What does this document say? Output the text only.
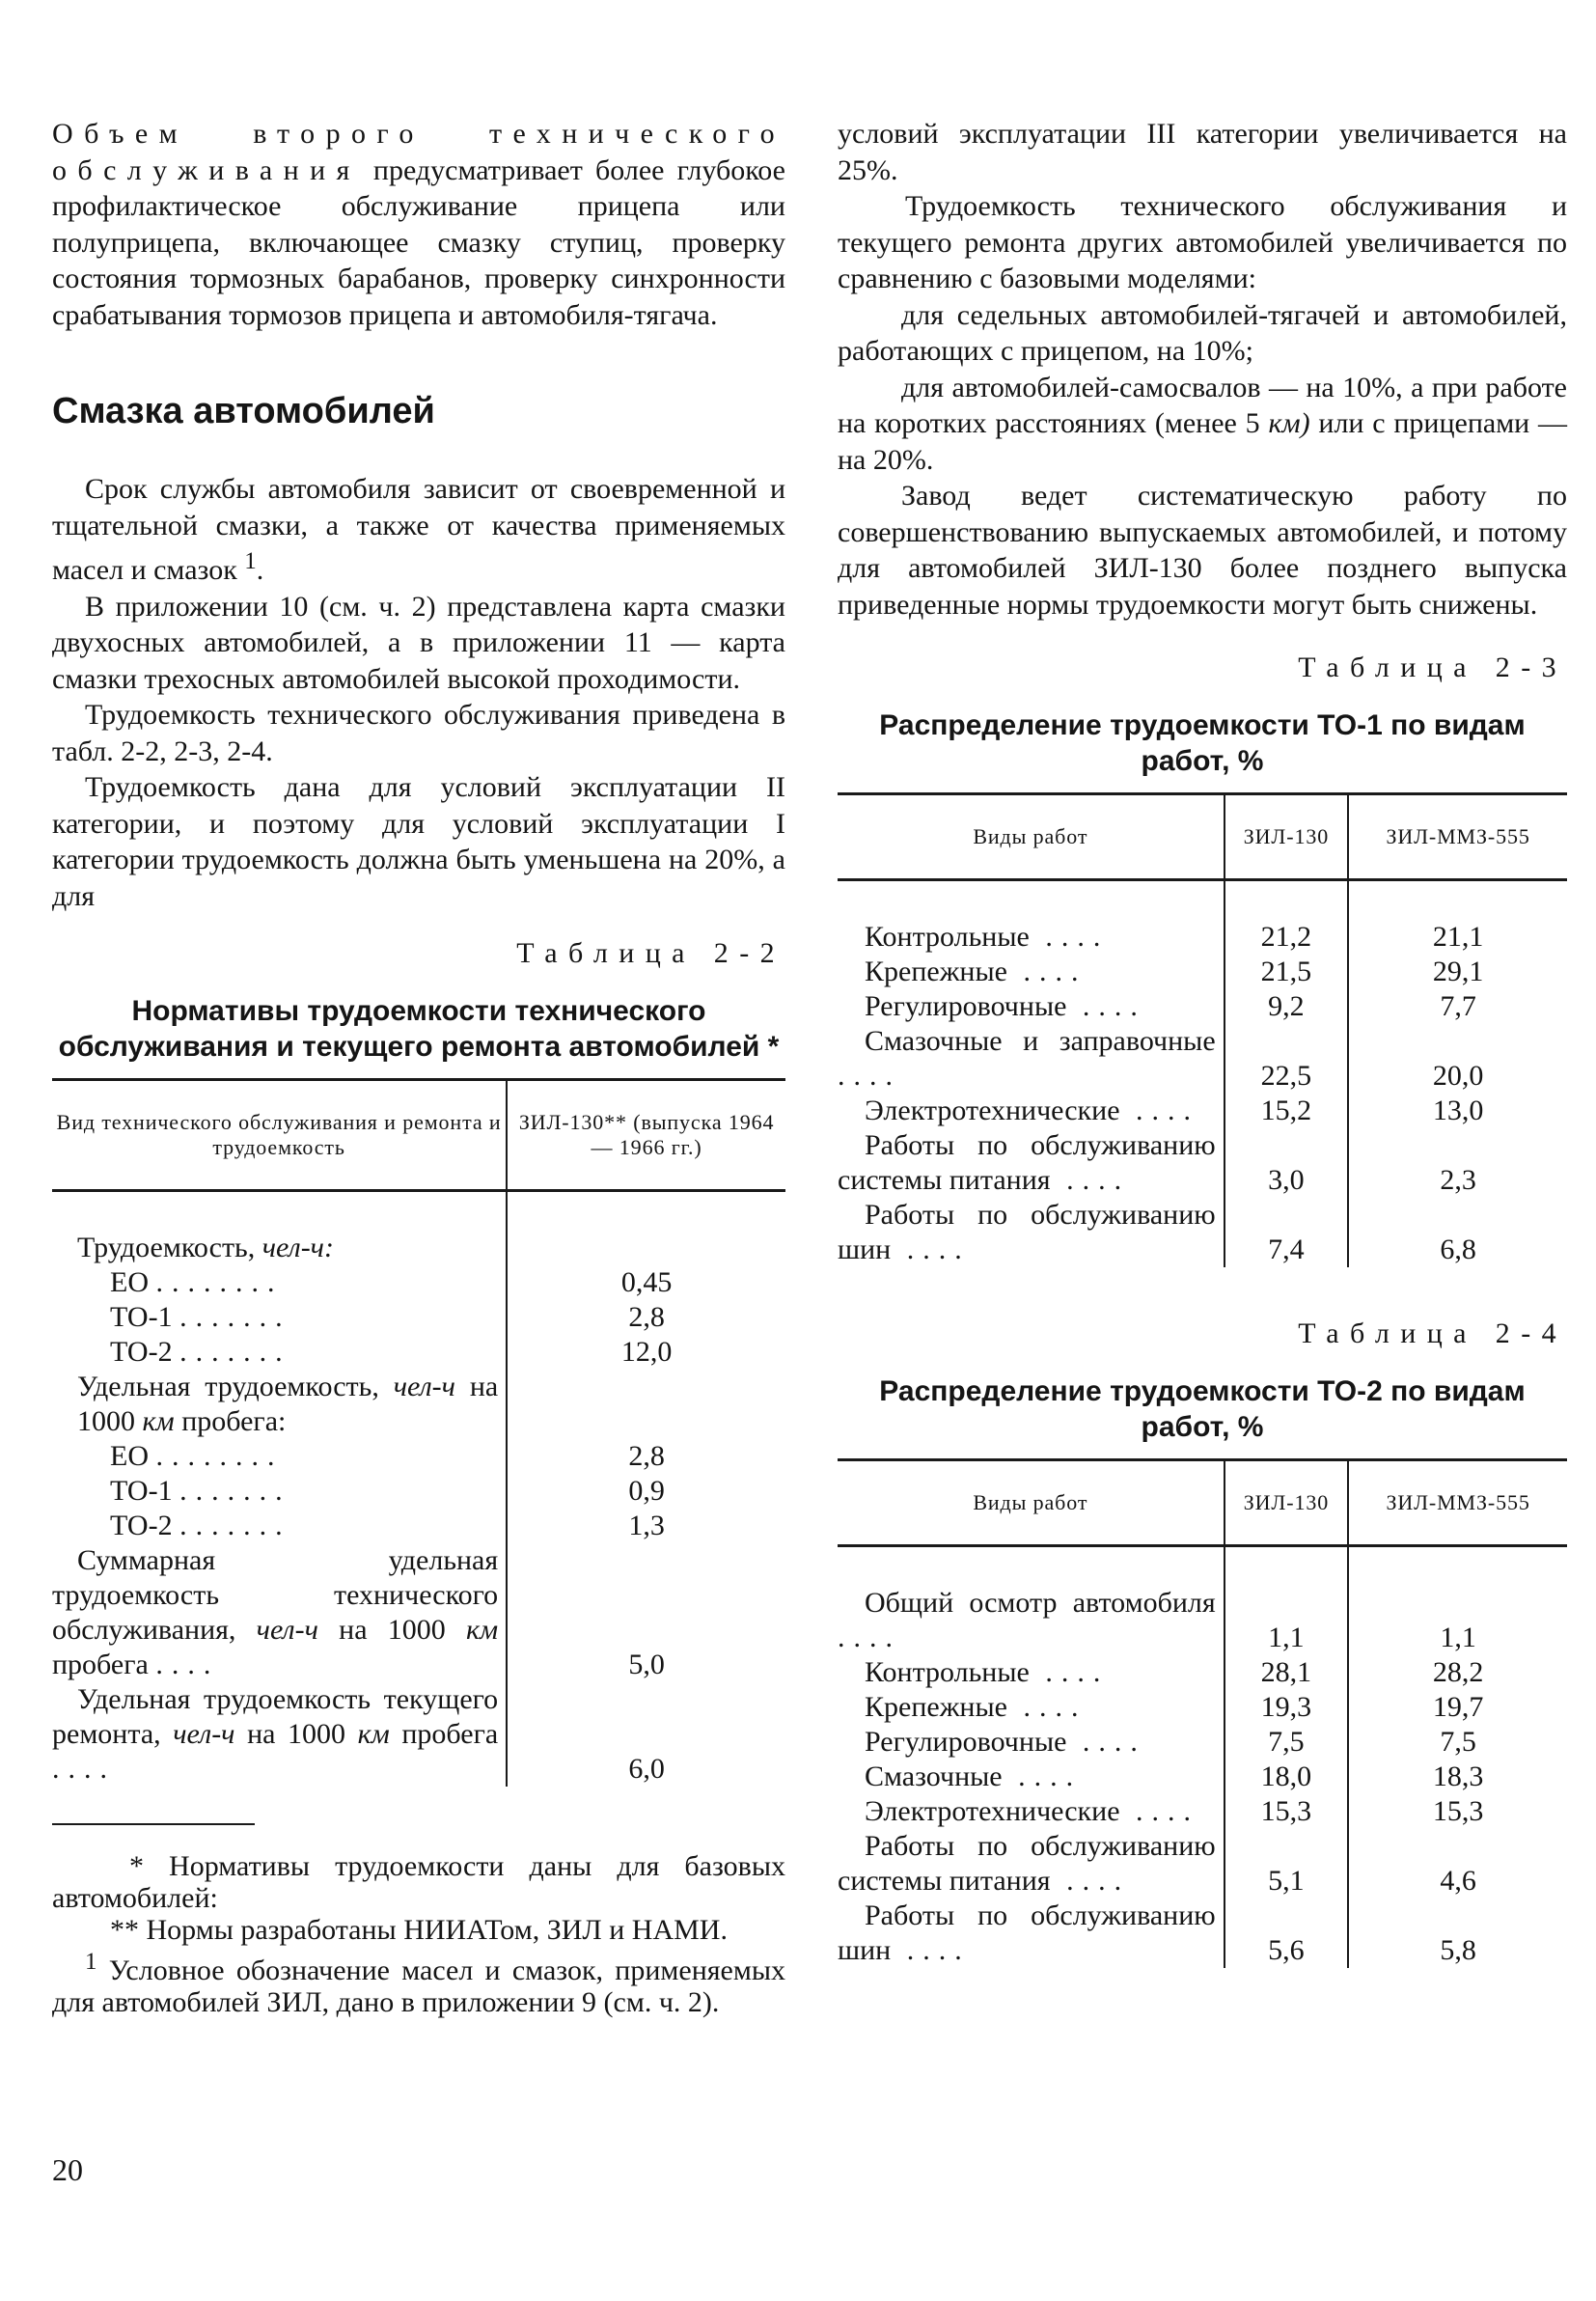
Объем второго технического обслуживания предусматривает более глубокое профилактическое обслуживание прицепа или полуприцепа, включающее смазку ступиц, проверку состояния тормозных барабанов, проверку синхронности срабатывания тормозов прицепа и автомобиля-тягача.

Смазка автомобилей

Срок службы автомобиля зависит от своевременной и тщательной смазки, а также от качества применяемых масел и смазок $^1$.

В приложении 10 (см. ч. 2) представлена карта смазки двухосных автомобилей, а в приложении 11 — карта смазки трехосных автомобилей высокой проходимости.

Трудоемкость технического обслуживания приведена в табл. 2-2, 2-3, 2-4.

Трудоемкость дана для условий эксплуатации II категории, и поэтому для условий эксплуатации I категории трудоемкость должна быть уменьшена на 20%, а для

Таблица 2-2
Нормативы трудоемкости технического обслуживания и текущего ремонта автомобилей *
Вид технического обслуживания и ремонта и трудоемкость	ЗИЛ-130** (выпуска 1964— 1966 гг.)

Трудоемкость, чел-ч:	
ЕО ........	0,45
ТО-1 .......	2,8
ТО-2 .......	12,0
Удельная трудоемкость, чел-ч на 1000 км пробега:	
ЕО ........	2,8
ТО-1 .......	0,9
ТО-2 .......	1,3
Суммарная удельная трудоемкость технического обслуживания, чел-ч на 1000 км пробега ....	5,0
Удельная трудоемкость текущего ремонта, чел-ч на 1000 км пробега ....	6,0

* Нормативы трудоемкости даны для базовых автомобилей:

** Нормы разработаны НИИАТом, ЗИЛ и НАМИ.

$^1$ Условное обозначение масел и смазок, применяемых для автомобилей ЗИЛ, дано в приложении 9 (см. ч. 2).

20

условий эксплуатации III категории увеличивается на 25%.

Трудоемкость технического обслуживания и текущего ремонта других автомобилей увеличивается по сравнению с базовыми моделями:

для седельных автомобилей-тягачей и автомобилей, работающих с прицепом, на 10%;

для автомобилей-самосвалов — на 10%, а при работе на коротких расстояниях (менее 5 км) или с прицепами — на 20%.

Завод ведет систематическую работу по совершенствованию выпускаемых автомобилей, и потому для автомобилей ЗИЛ-130 более позднего выпуска приведенные нормы трудоемкости могут быть снижены.

Таблица 2-3
Распределение трудоемкости ТО-1 по видам работ, %
Виды работ	ЗИЛ-130	ЗИЛ-ММЗ-555

Контрольные ....	21,2	21,1
Крепежные ....	21,5	29,1
Регулировочные ....	9,2	7,7
Смазочные и заправочные ....	22,5	20,0
Электротехнические ....	15,2	13,0
Работы по обслуживанию системы питания ....	3,0	2,3
Работы по обслуживанию шин ....	7,4	6,8
Таблица 2-4
Распределение трудоемкости ТО-2 по видам работ, %
Виды работ	ЗИЛ-130	ЗИЛ-ММЗ-555

Общий осмотр автомобиля ....	1,1	1,1
Контрольные ....	28,1	28,2
Крепежные ....	19,3	19,7
Регулировочные ....	7,5	7,5
Смазочные ....	18,0	18,3
Электротехнические ....	15,3	15,3
Работы по обслуживанию системы питания ....	5,1	4,6
Работы по обслуживанию шин ....	5,6	5,8
